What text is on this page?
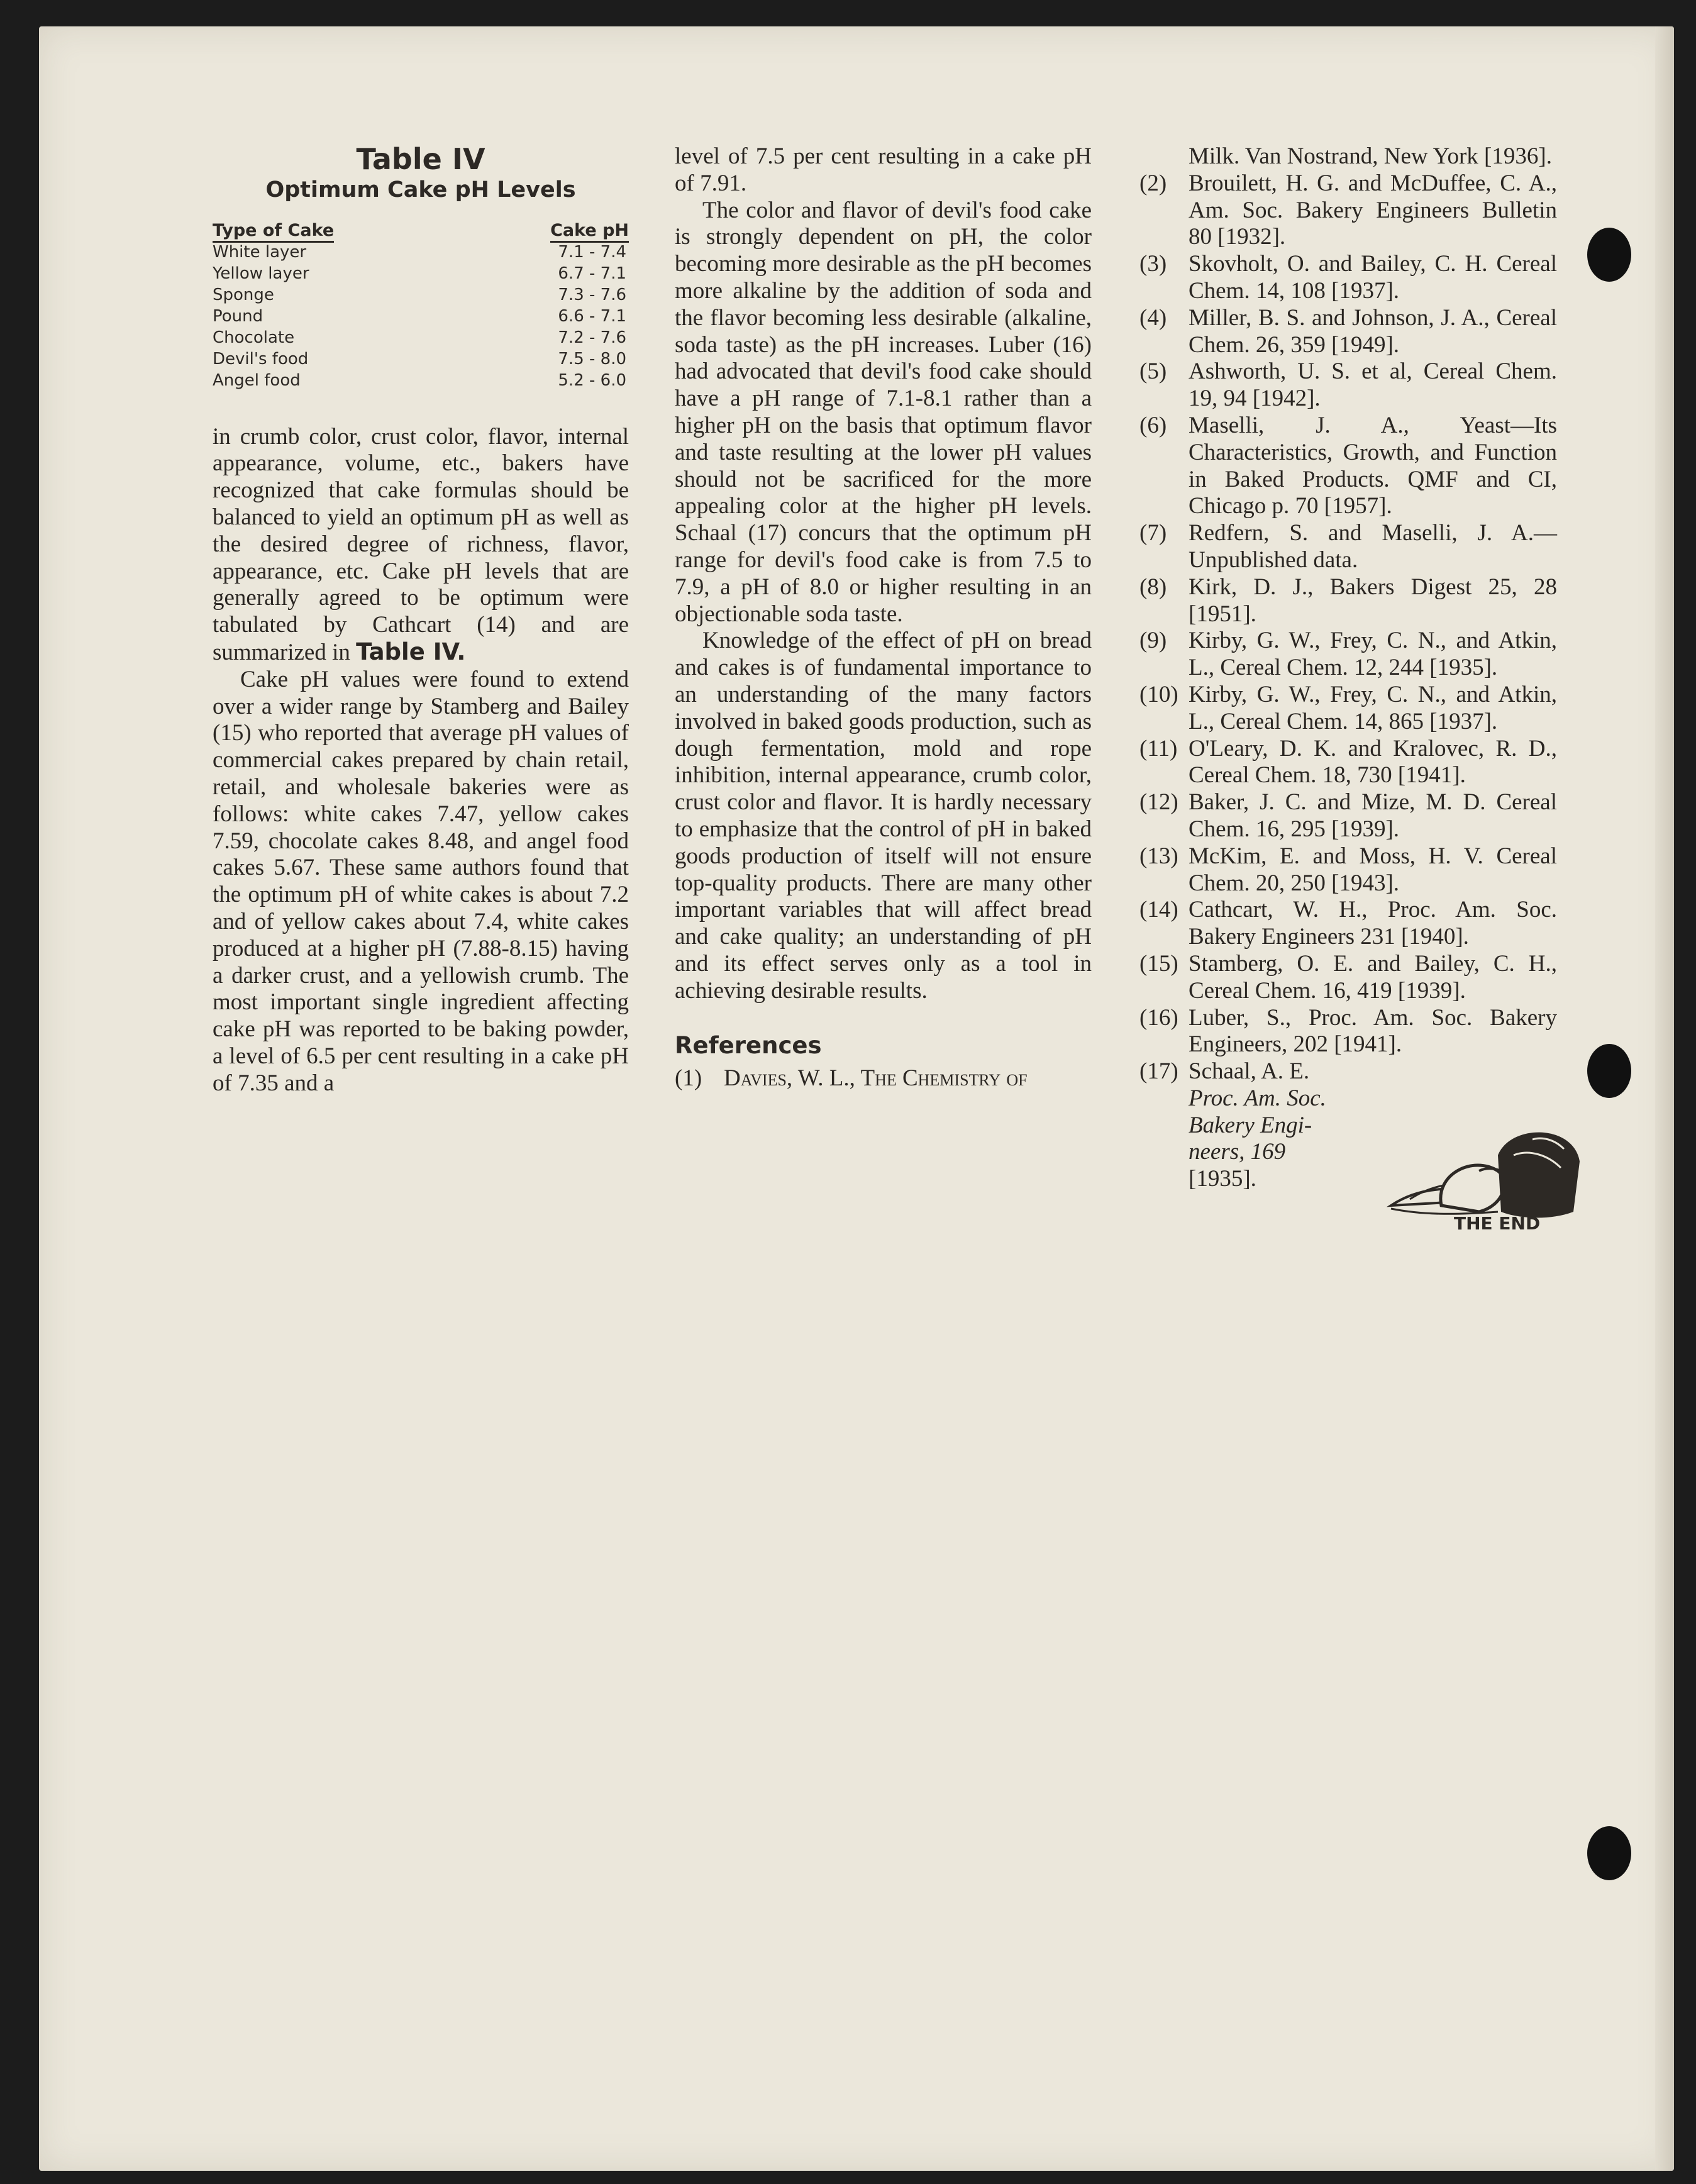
Table IV
Optimum Cake pH Levels
Type of Cake	Cake pH
White layer	7.1 - 7.4
Yellow layer	6.7 - 7.1
Sponge	7.3 - 7.6
Pound	6.6 - 7.1
Chocolate	7.2 - 7.6
Devil's food	7.5 - 8.0
Angel food	5.2 - 6.0

in crumb color, crust color, flavor, internal appearance, volume, etc., bakers have recognized that cake formulas should be balanced to yield an optimum pH as well as the desired degree of richness, flavor, appearance, etc. Cake pH levels that are generally agreed to be optimum were tabulated by Cathcart (14) and are summarized in Table IV.

Cake pH values were found to extend over a wider range by Stamberg and Bailey (15) who reported that average pH values of commercial cakes prepared by chain retail, retail, and wholesale bakeries were as follows: white cakes 7.47, yellow cakes 7.59, chocolate cakes 8.48, and angel food cakes 5.67. These same authors found that the optimum pH of white cakes is about 7.2 and of yellow cakes about 7.4, white cakes produced at a higher pH (7.88-8.15) having a darker crust, and a yellowish crumb. The most important single ingredient affecting cake pH was reported to be baking powder, a level of 6.5 per cent resulting in a cake pH of 7.35 and a

level of 7.5 per cent resulting in a cake pH of 7.91.

The color and flavor of devil's food cake is strongly dependent on pH, the color becoming more desirable as the pH becomes more alkaline by the addition of soda and the flavor becoming less desirable (alkaline, soda taste) as the pH increases. Luber (16) had advocated that devil's food cake should have a pH range of 7.1-8.1 rather than a higher pH on the basis that optimum flavor and taste resulting at the lower pH values should not be sacrificed for the more appealing color at the higher pH levels. Schaal (17) concurs that the optimum pH range for devil's food cake is from 7.5 to 7.9, a pH of 8.0 or higher resulting in an objectionable soda taste.

Knowledge of the effect of pH on bread and cakes is of fundamental importance to an understanding of the many factors involved in baked goods production, such as dough fermentation, mold and rope inhibition, internal appearance, crumb color, crust color and flavor. It is hardly necessary to emphasize that the control of pH in baked goods production of itself will not ensure top-quality products. There are many other important variables that will affect bread and cake quality; an understanding of pH and its effect serves only as a tool in achieving desirable results.

References
(1) Davies, W. L., The Chemistry of
Milk. Van Nostrand, New York [1936].
(2) Brouilett, H. G. and McDuffee, C. A., Am. Soc. Bakery Engineers Bulletin 80 [1932].
(3) Skovholt, O. and Bailey, C. H. Cereal Chem. 14, 108 [1937].
(4) Miller, B. S. and Johnson, J. A., Cereal Chem. 26, 359 [1949].
(5) Ashworth, U. S. et al, Cereal Chem. 19, 94 [1942].
(6) Maselli, J. A., Yeast—Its Characteristics, Growth, and Function in Baked Products. QMF and CI, Chicago p. 70 [1957].
(7) Redfern, S. and Maselli, J. A.—Unpublished data.
(8) Kirk, D. J., Bakers Digest 25, 28 [1951].
(9) Kirby, G. W., Frey, C. N., and Atkin, L., Cereal Chem. 12, 244 [1935].
(10) Kirby, G. W., Frey, C. N., and Atkin, L., Cereal Chem. 14, 865 [1937].
(11) O'Leary, D. K. and Kralovec, R. D., Cereal Chem. 18, 730 [1941].
(12) Baker, J. C. and Mize, M. D. Cereal Chem. 16, 295 [1939].
(13) McKim, E. and Moss, H. V. Cereal Chem. 20, 250 [1943].
(14) Cathcart, W. H., Proc. Am. Soc. Bakery Engineers 231 [1940].
(15) Stamberg, O. E. and Bailey, C. H., Cereal Chem. 16, 419 [1939].
(16) Luber, S., Proc. Am. Soc. Bakery Engineers, 202 [1941].
(17) Schaal, A. E.
Proc. Am. Soc.
Bakery Engi-
neers, 169
[1935].
THE END
